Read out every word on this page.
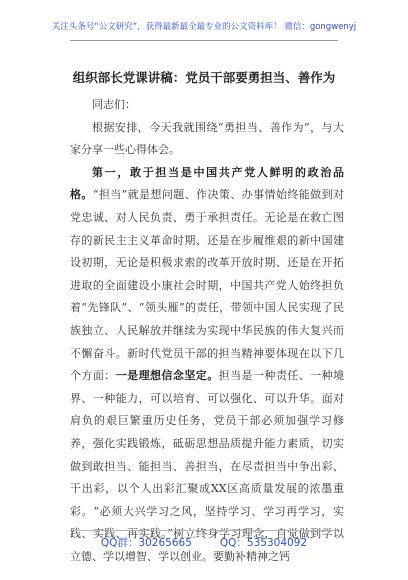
关注头条号“公文研究”，获得最新最全最专业的公文资料库！ 微信：gongwenyj
组织部长党课讲稿：党员干部要勇担当、善作为

同志们：

根据安排，今天我就围绕“勇担当、善作为”，与大家分享一些心得体会。

第一，敢于担当是中国共产党人鲜明的政治品格。“担当”就是想问题、作决策、办事情始终能做到对党忠诚、对人民负责、勇于承担责任。无论是在救亡图存的新民主主义革命时期、还是在步履维艰的新中国建设初期，无论是积极求索的改革开放时期、还是在开拓进取的全面建设小康社会时期，中国共产党人始终担负着“先锋队”、“领头雁”的责任，带领中国人民实现了民族独立、人民解放并继续为实现中华民族的伟大复兴而不懈奋斗。新时代党员干部的担当精神要体现在以下几个方面：一是理想信念坚定。担当是一种责任、一种境界、一种能力，可以培育、可以强化、可以升华。面对肩负的艰巨繁重历史任务，党员干部必须加强学习修养，强化实践锻炼，砥砺思想品质提升能力素质，切实做到敢担当、能担当、善担当，在尽责担当中争出彩、干出彩，以个人出彩汇聚成XX区高质量发展的浓墨重彩。“必须大兴学习之风，坚持学习、学习再学习，实践、实践、再实践。”树立终身学习理念，自觉做到学以立德、学以增智、学以创业。要勤补精神之钙

QQ群：30265665	QQ：535304092
